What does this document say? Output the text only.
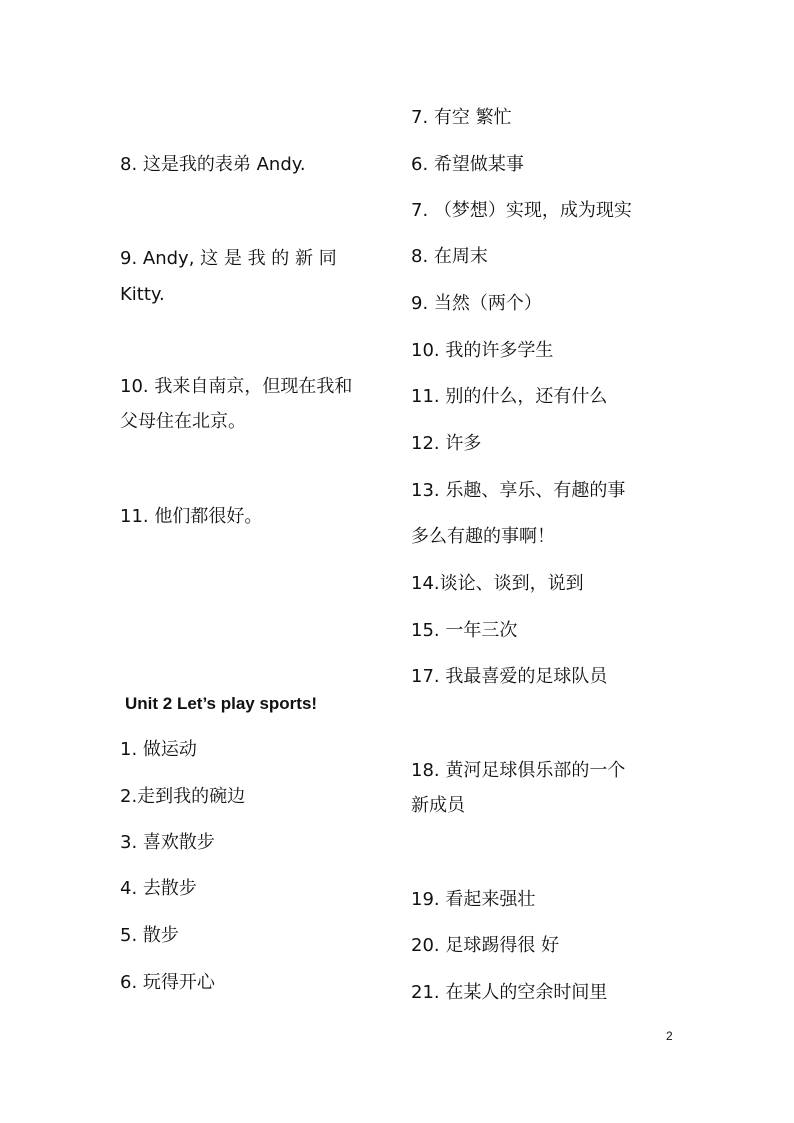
8. 这是我的表弟 Andy.
9. Andy, 这 是 我 的 新 同
Kitty.
10. 我来自南京，但现在我和
父母住在北京。
11. 他们都很好。
Unit 2 Let’s play sports!
1. 做运动
2.走到我的碗边
3. 喜欢散步
4. 去散步
5. 散步
6. 玩得开心
7. 有空 繁忙
6. 希望做某事
7. （梦想）实现，成为现实
8. 在周末
9. 当然（两个）
10. 我的许多学生
11. 别的什么，还有什么
12. 许多
13. 乐趣、享乐、有趣的事
多么有趣的事啊！
14.谈论、谈到，说到
15. 一年三次
17. 我最喜爱的足球队员
18. 黄河足球俱乐部的一个
新成员
19. 看起来强壮
20. 足球踢得很 好
21. 在某人的空余时间里
2
